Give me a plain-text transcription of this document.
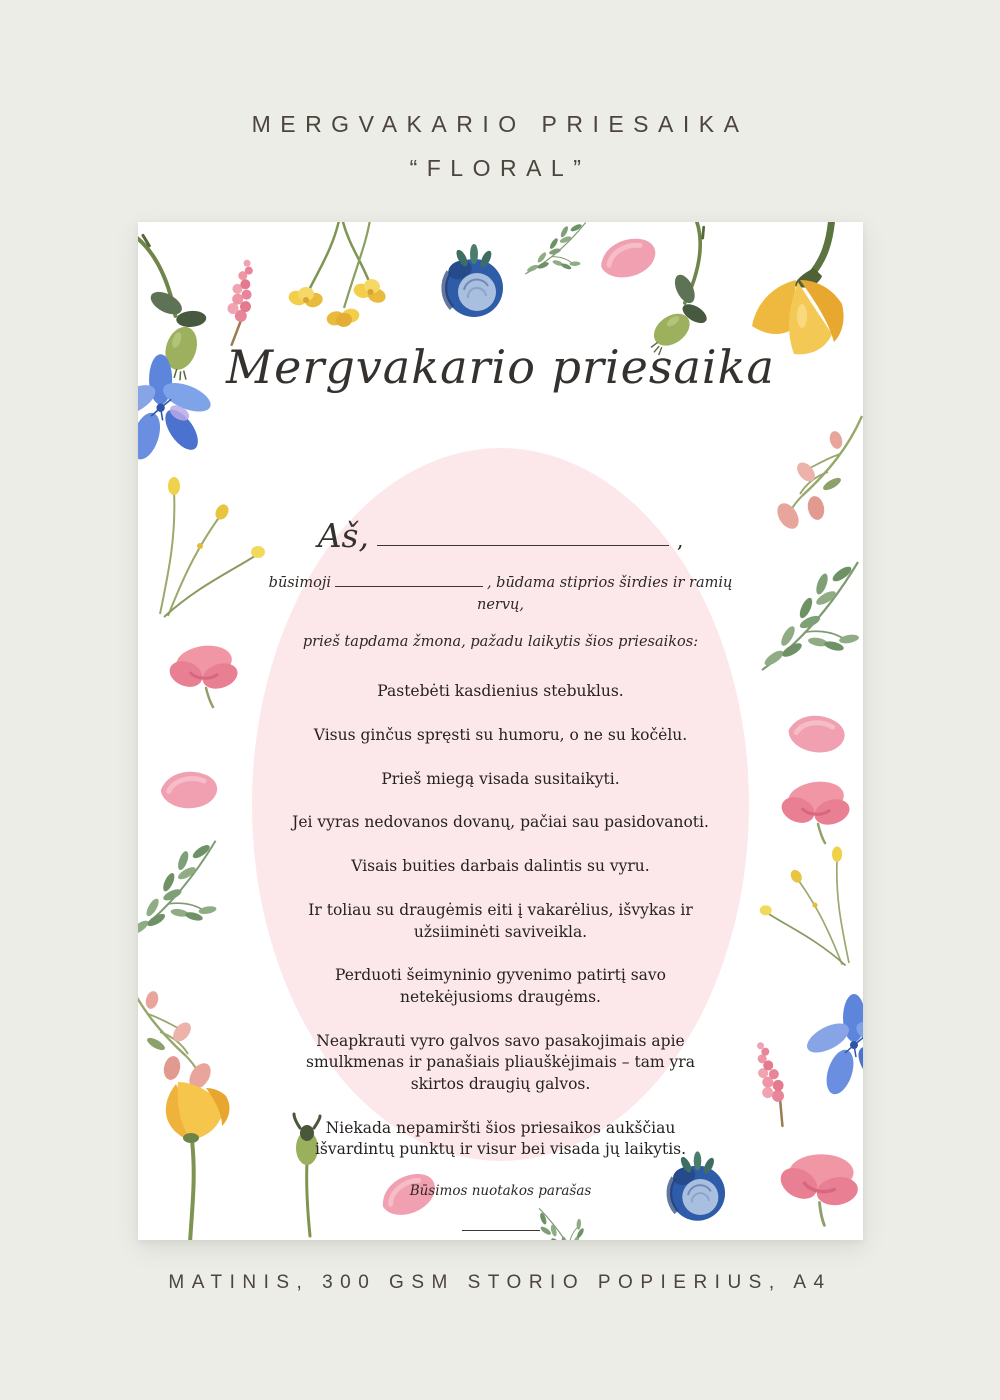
MERGVAKARIO PRIESAIKA
“FLORAL”
Mergvakario priesaika
Aš,	,

būsimoji	, būdama stiprios širdies ir ramių nervų,

prieš tapdama žmona, pažadu laikytis šios priesaikos:

Pastebėti kasdienius stebuklus.

Visus ginčus spręsti su humoru, o ne su kočėlu.

Prieš miegą visada susitaikyti.

Jei vyras nedovanos dovanų, pačiai sau pasidovanoti.

Visais buities darbais dalintis su vyru.

Ir toliau su draugėmis eiti į vakarėlius, išvykas ir užsiiminėti saviveikla.

Perduoti šeimyninio gyvenimo patirtį savo netekėjusioms draugėms.

Neapkrauti vyro galvos savo pasakojimais apie smulkmenas ir panašiais pliauškėjimais – tam yra skirtos draugių galvos.

Niekada nepamiršti šios priesaikos aukščiau išvardintų punktų ir visur bei visada jų laikytis.

Būsimos nuotakos parašas

MATINIS, 300 GSM STORIO POPIERIUS, A4
